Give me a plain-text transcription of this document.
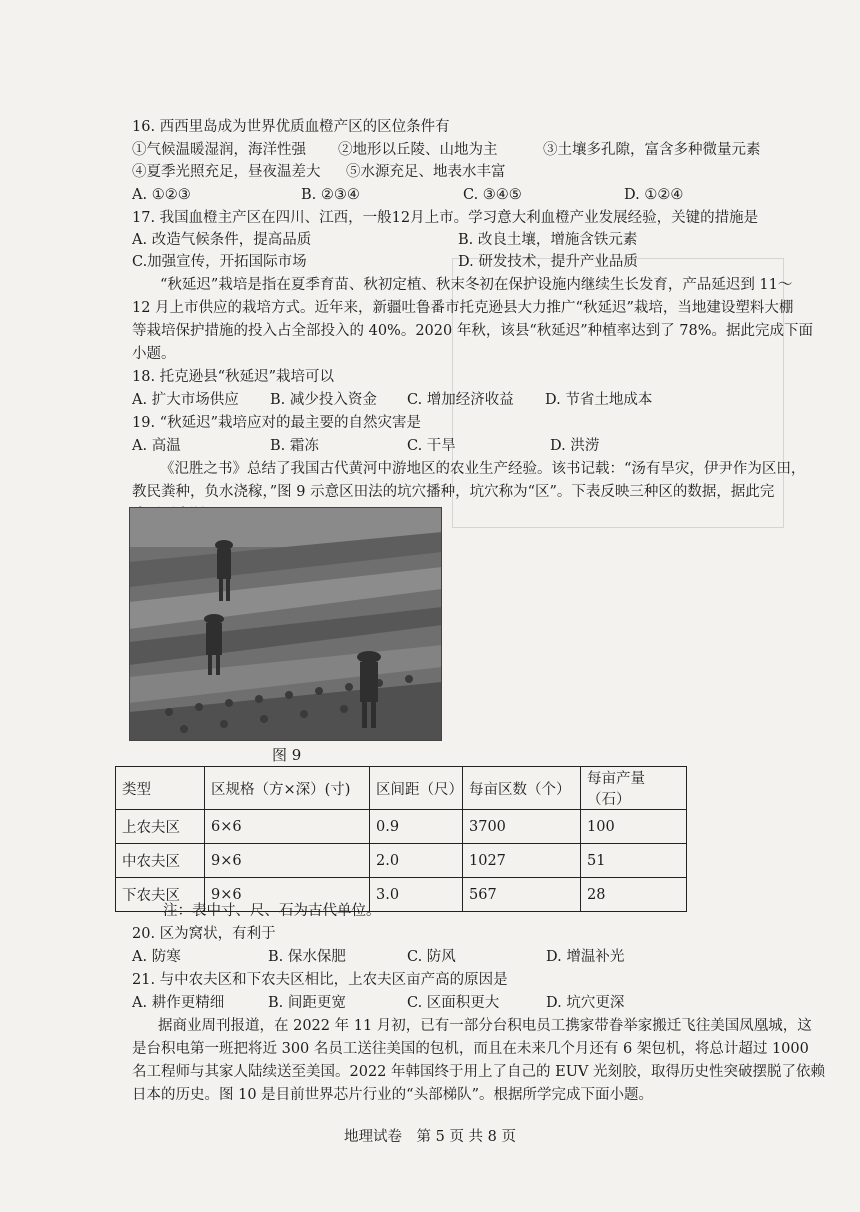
16. 西西里岛成为世界优质血橙产区的区位条件有
①气候温暖湿润，海洋性强 ②地形以丘陵、山地为主	③土壤多孔隙，富含多种微量元素
④夏季光照充足，昼夜温差大 ⑤水源充足、地表水丰富
A. ①②③	B. ②③④	C. ③④⑤	D. ①②④
17. 我国血橙主产区在四川、江西，一般12月上市。学习意大利血橙产业发展经验，关键的措施是
A. 改造气候条件，提高品质	B. 改良土壤，增施含铁元素
C.加强宣传，开拓国际市场	D. 研发技术，提升产业品质
“秋延迟”栽培是指在夏季育苗、秋初定植、秋末冬初在保护设施内继续生长发育，产品延迟到 11～
12 月上市供应的栽培方式。近年来，新疆吐鲁番市托克逊县大力推广“秋延迟”栽培，当地建设塑料大棚
等栽培保护措施的投入占全部投入的 40%。2020 年秋，该县“秋延迟”种植率达到了 78%。据此完成下面
小题。
18. 托克逊县“秋延迟”栽培可以
A. 扩大市场供应 B. 减少投入资金 C. 增加经济收益 D. 节省土地成本
19. “秋延迟”栽培应对的最主要的自然灾害是
A. 高温	B. 霜冻	C. 干旱	D. 洪涝
《氾胜之书》总结了我国古代黄河中游地区的农业生产经验。该书记载：“汤有旱灾，伊尹作为区田，
教民粪种，负水浇稼，”图 9 示意区田法的坑穴播种，坑穴称为“区”。下表反映三种区的数据，据此完
图 9
类型	区规格（方×深）(寸)	区间距（尺）	每亩区数（个）	每亩产量（石）
上农夫区	6×6	0.9	3700	100
中农夫区	9×6	2.0	1027	51
下农夫区	9×6	3.0	567	28
注：表中寸、尺、石为古代单位。
20. 区为窝状，有利于
A. 防寒	B. 保水保肥	C. 防风	D. 增温补光
21. 与中农夫区和下农夫区相比，上农夫区亩产高的原因是
A. 耕作更精细	B. 间距更宽	C. 区面积更大	D. 坑穴更深
据商业周刊报道，在 2022 年 11 月初，已有一部分台积电员工携家带眷举家搬迁飞往美国凤凰城，这
是台积电第一班把将近 300 名员工送往美国的包机，而且在未来几个月还有 6 架包机，将总计超过 1000
名工程师与其家人陆续送至美国。2022 年韩国终于用上了自己的 EUV 光刻胶，取得历史性突破摆脱了依赖
日本的历史。图 10 是目前世界芯片行业的“头部梯队”。根据所学完成下面小题。
地理试卷　第 5 页 共 8 页
